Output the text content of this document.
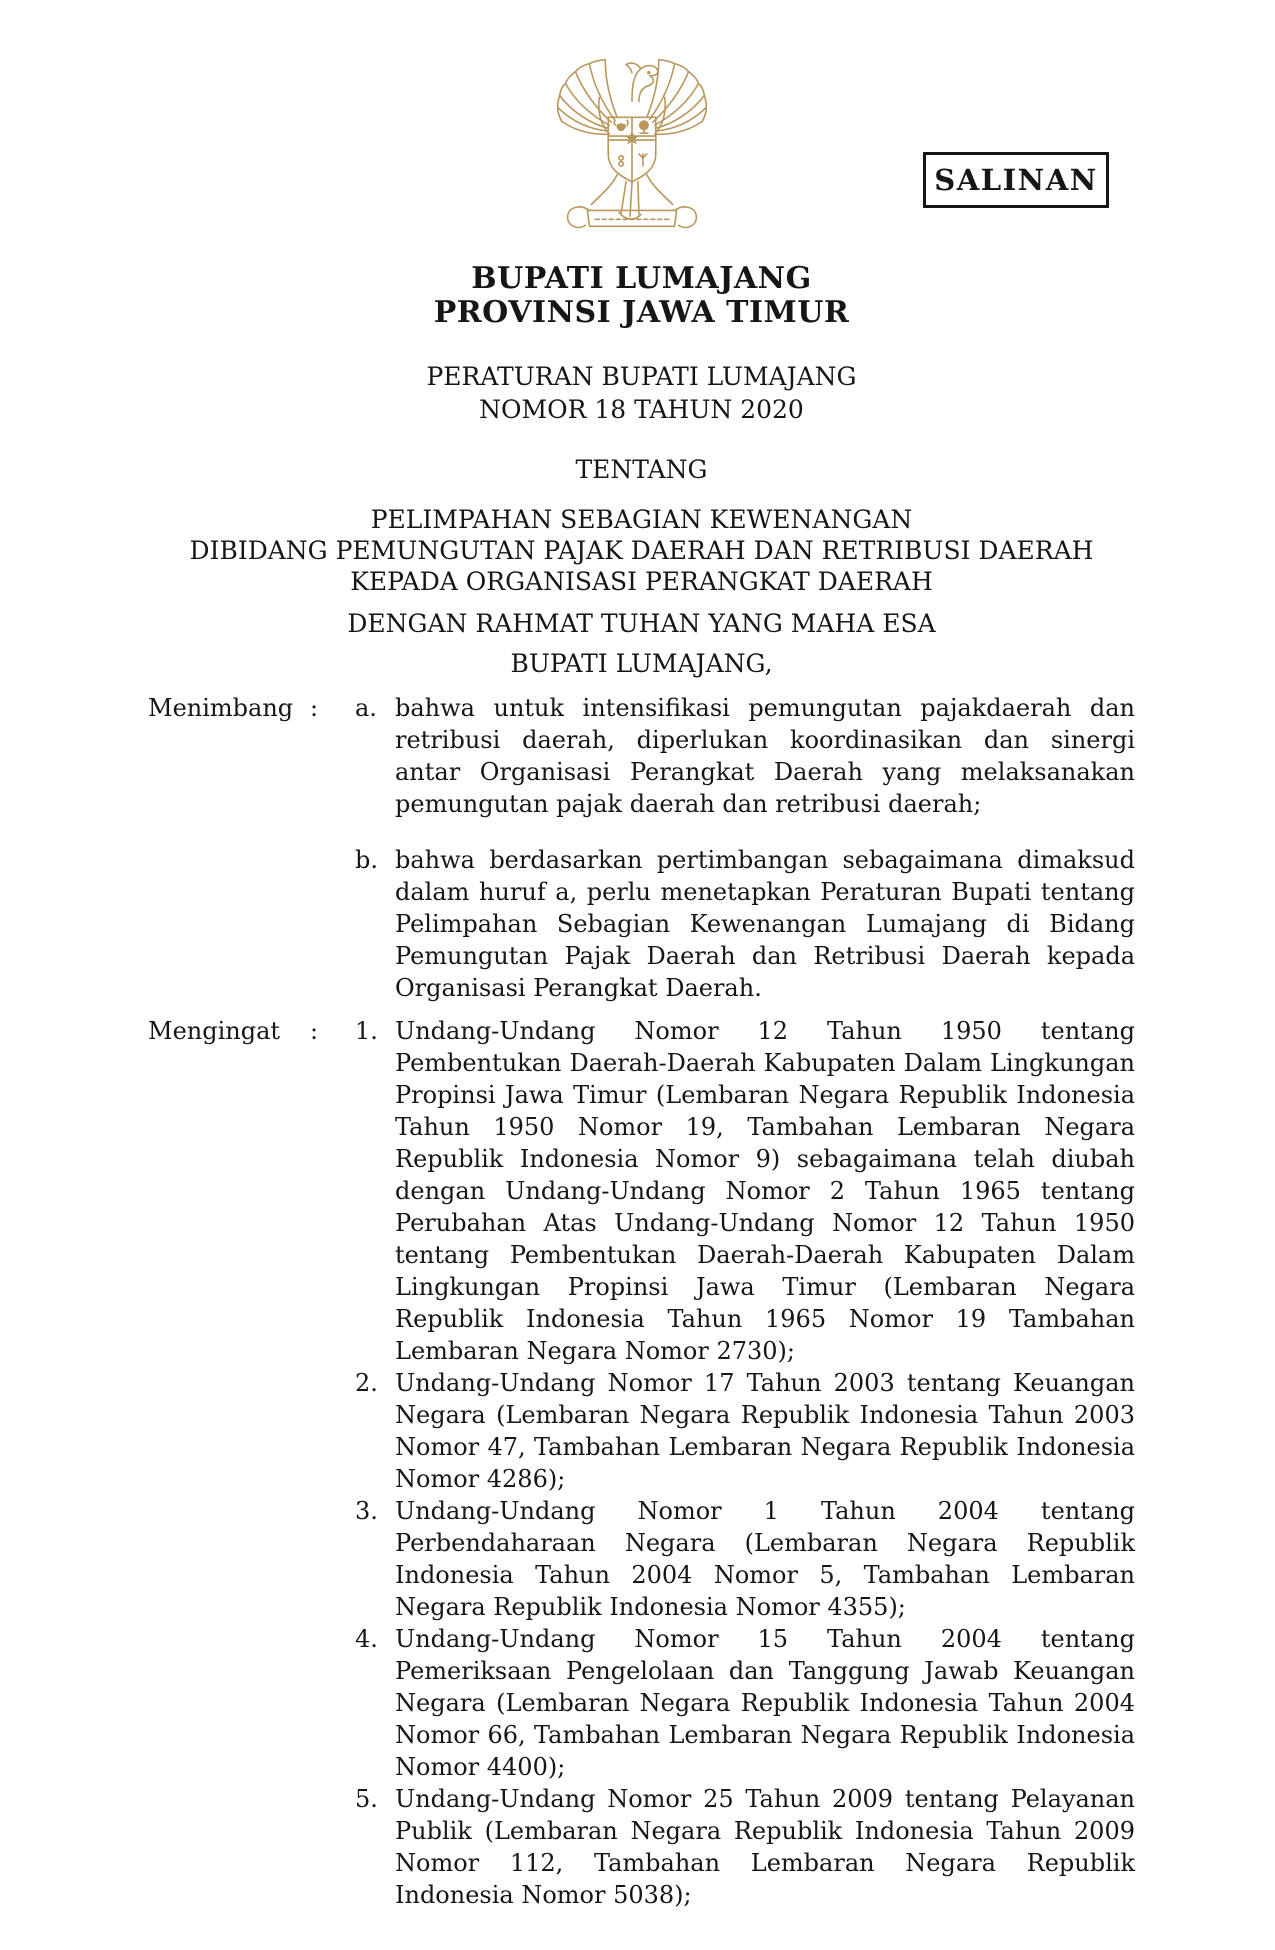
SALINAN
BUPATI LUMAJANG
PROVINSI JAWA TIMUR
PERATURAN BUPATI LUMAJANG
NOMOR 18 TAHUN 2020
TENTANG
PELIMPAHAN SEBAGIAN KEWENANGAN
DIBIDANG PEMUNGUTAN PAJAK DAERAH DAN RETRIBUSI DAERAH
KEPADA ORGANISASI PERANGKAT DAERAH
DENGAN RAHMAT TUHAN YANG MAHA ESA
BUPATI LUMAJANG,
Menimbang :	a. bahwa untuk intensifikasi pemungutan pajakdaerah dan retribusi daerah, diperlukan koordinasikan dan sinergi antar Organisasi Perangkat Daerah yang melaksanakan pemungutan pajak daerah dan retribusi daerah;
b. bahwa berdasarkan pertimbangan sebagaimana dimaksud dalam huruf a, perlu menetapkan Peraturan Bupati tentang Pelimpahan Sebagian Kewenangan Lumajang di Bidang Pemungutan Pajak Daerah dan Retribusi Daerah kepada Organisasi Perangkat Daerah.
Mengingat	:	1. Undang-Undang Nomor 12 Tahun 1950 tentang Pembentukan Daerah-Daerah Kabupaten Dalam Lingkungan Propinsi Jawa Timur (Lembaran Negara Republik Indonesia Tahun 1950 Nomor 19, Tambahan Lembaran Negara Republik Indonesia Nomor 9) sebagaimana telah diubah dengan Undang-Undang Nomor 2 Tahun 1965 tentang Perubahan Atas Undang-Undang Nomor 12 Tahun 1950 tentang Pembentukan Daerah-Daerah Kabupaten Dalam Lingkungan Propinsi Jawa Timur (Lembaran Negara Republik Indonesia Tahun 1965 Nomor 19 Tambahan Lembaran Negara Nomor 2730);
2. Undang-Undang Nomor 17 Tahun 2003 tentang Keuangan Negara (Lembaran Negara Republik Indonesia Tahun 2003 Nomor 47, Tambahan Lembaran Negara Republik Indonesia Nomor 4286);
3. Undang-Undang Nomor 1 Tahun 2004 tentang Perbendaharaan Negara (Lembaran Negara Republik Indonesia Tahun 2004 Nomor 5, Tambahan Lembaran Negara Republik Indonesia Nomor 4355);
4. Undang-Undang Nomor 15 Tahun 2004 tentang Pemeriksaan Pengelolaan dan Tanggung Jawab Keuangan Negara (Lembaran Negara Republik Indonesia Tahun 2004 Nomor 66, Tambahan Lembaran Negara Republik Indonesia Nomor 4400);
5. Undang-Undang Nomor 25 Tahun 2009 tentang Pelayanan Publik (Lembaran Negara Republik Indonesia Tahun 2009 Nomor 112, Tambahan Lembaran Negara Republik Indonesia Nomor 5038);
